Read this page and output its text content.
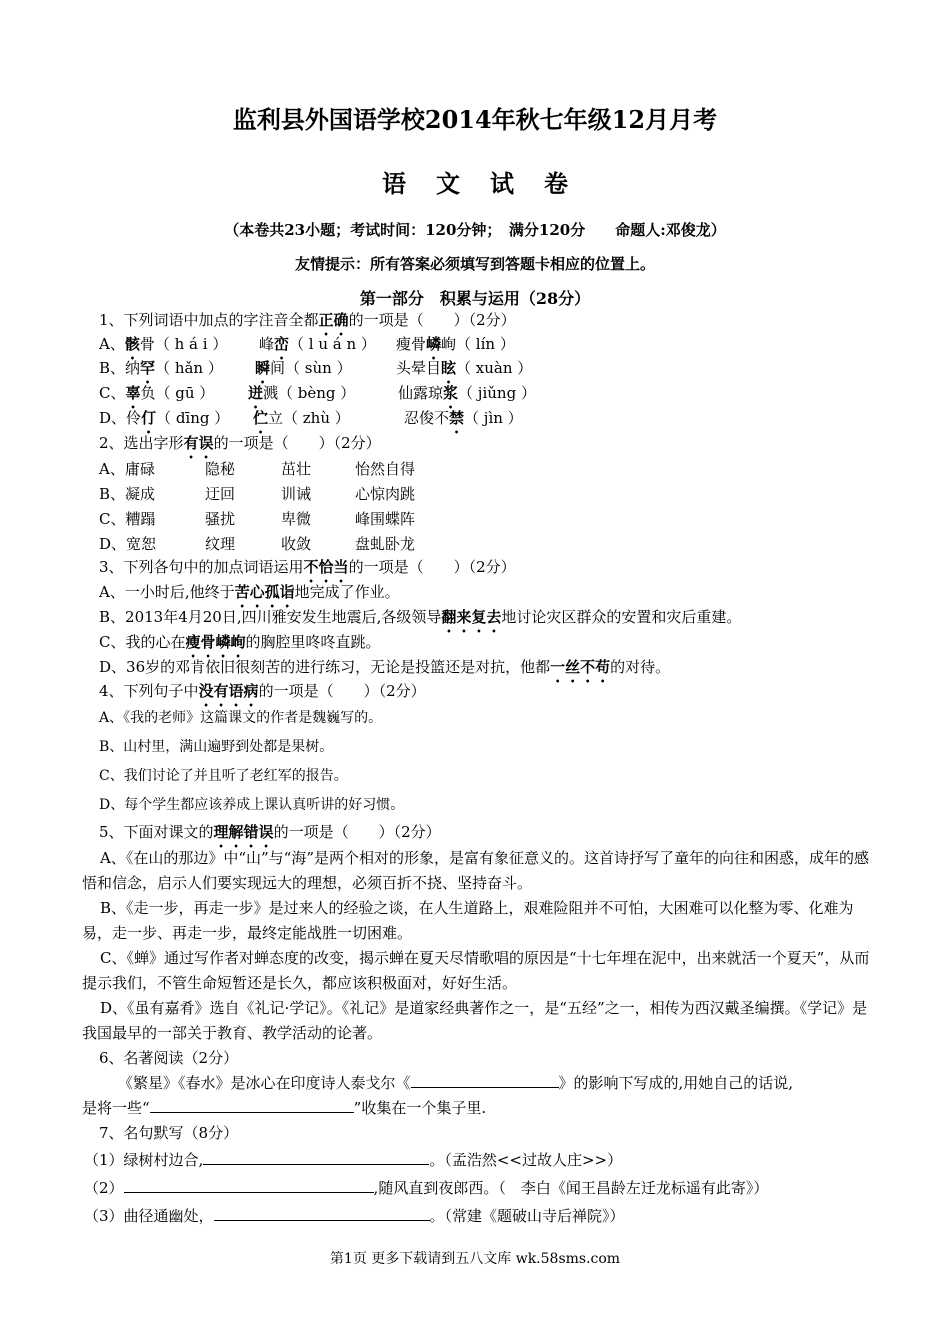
监利县外国语学校2014年秋七年级12月月考
语文试卷
（本卷共23小题；考试时间：120分钟；　满分120分　　命题人:邓俊龙）
友情提示：所有答案必须填写到答题卡相应的位置上。
第一部分　积累与运用（28分）
1、下列词语中加点的字注音全都正确的一项是（　　）（2分）
A、骸骨（ h á i ） 峰峦（ l u á n ） 瘦骨嶙峋（ lín ）
B、纳罕（ hǎn ） 瞬间（ sùn ）	头晕目眩（ xuàn ）
C、辜负（ gū ） 迸溅（ bèng ）	仙露琼浆（ jiǔng ）
D、伶仃（ dīng ） 伫立（ zhù ）	忍俊不禁（ jìn ）
2、选出字形有误的一项是（　　）（2分）
A、庸碌	隐秘	茁壮	怡然自得
B、凝成	迂回	训诫	心惊肉跳
C、糟蹋	骚扰	卑微	峰围蝶阵
D、宽恕	纹理	收敛	盘虬卧龙
3、下列各句中的加点词语运用不恰当的一项是（　　）（2分）
A、一小时后,他终于苦心孤诣地完成了作业。
B、2013年4月20日,四川雅安发生地震后,各级领导翻来复去地讨论灾区群众的安置和灾后重建。
C、我的心在瘦骨嶙峋的胸腔里咚咚直跳。
D、36岁的邓肯依旧很刻苦的进行练习，无论是投篮还是对抗，他都一丝不苟的对待。
4、下列句子中没有语病的一项是（　　）（2分）
A、《我的老师》这篇课文的作者是魏巍写的。
B、山村里，满山遍野到处都是果树。
C、我们讨论了并且听了老红军的报告。
D、每个学生都应该养成上课认真听讲的好习惯。
5、下面对课文的理解错误的一项是（　　）（2分）
A、《在山的那边》中“山”与“海”是两个相对的形象，是富有象征意义的。这首诗抒写了童年的向往和困惑，成年的感悟和信念，启示人们要实现远大的理想，必须百折不挠、坚持奋斗。
B、《走一步，再走一步》是过来人的经验之谈，在人生道路上，艰难险阻并不可怕，大困难可以化整为零、化难为易，走一步、再走一步，最终定能战胜一切困难。
C、《蝉》通过写作者对蝉态度的改变，揭示蝉在夏天尽情歌唱的原因是“十七年埋在泥中，出来就活一个夏天”，从而提示我们，不管生命短暂还是长久，都应该积极面对，好好生活。
D、《虽有嘉肴》选自《礼记·学记》。《礼记》是道家经典著作之一，是“五经”之一，相传为西汉戴圣编撰。《学记》是我国最早的一部关于教育、教学活动的论著。
6、名著阅读（2分）
《繁星》《春水》是冰心在印度诗人泰戈尔《	》的影响下写成的,用她自己的话说,
是将一些“	”收集在一个集子里.
7、名句默写（8分）
（1）绿树村边合,	。（孟浩然<<过故人庄>>）
（2）	,随风直到夜郎西。（　李白《闻王昌龄左迁龙标遥有此寄》）
（3）曲径通幽处，	。（常建《题破山寺后禅院》）
第1页 更多下载请到五八文库 wk.58sms.com
